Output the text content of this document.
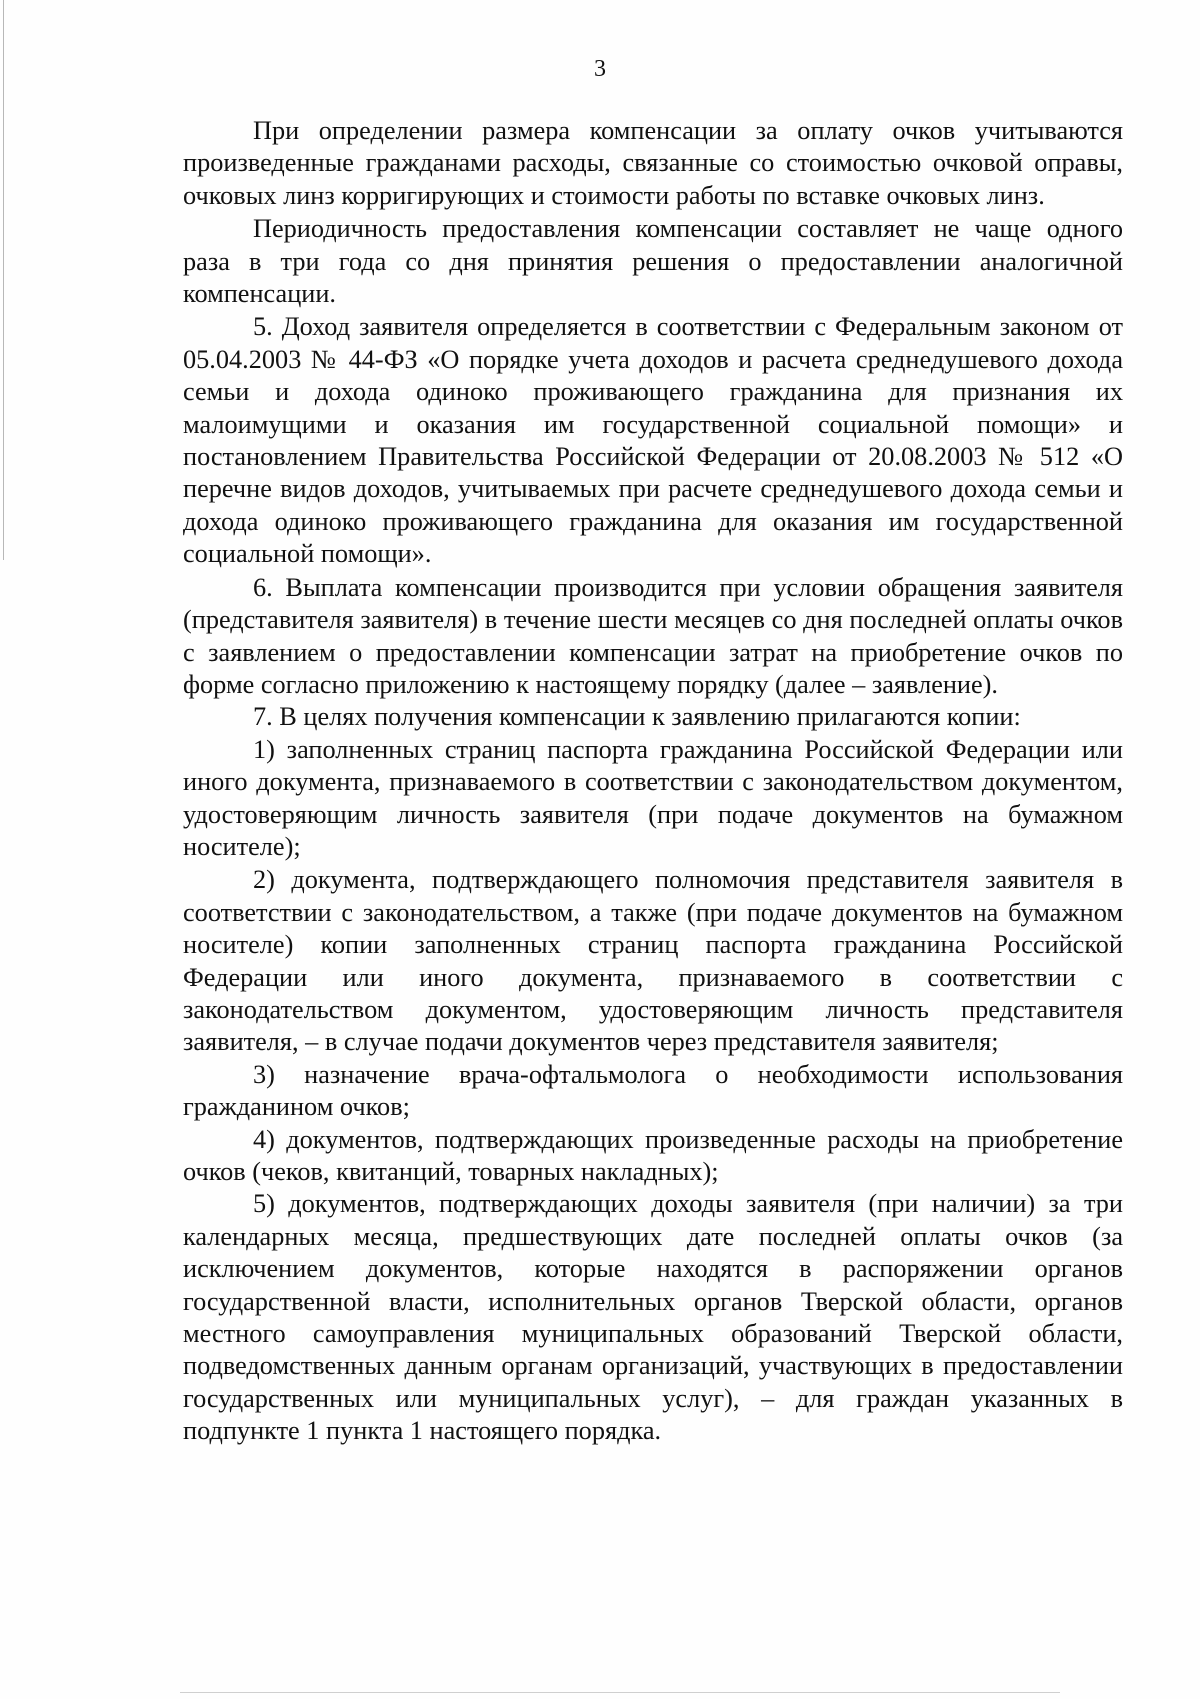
3

При определении размера компенсации за оплату очков учитываются произведенные гражданами расходы, связанные со стоимостью очковой оправы, очковых линз корригирующих и стоимости работы по вставке очковых линз.

Периодичность предоставления компенсации составляет не чаще одного раза в три года со дня принятия решения о предоставлении аналогичной компенсации.

5. Доход заявителя определяется в соответствии с Федеральным законом от 05.04.2003 № 44-ФЗ «О порядке учета доходов и расчета среднедушевого дохода семьи и дохода одиноко проживающего гражданина для признания их малоимущими и оказания им государственной социальной помощи» и постановлением Правительства Российской Федерации от 20.08.2003 № 512 «О перечне видов доходов, учитываемых при расчете среднедушевого дохода семьи и дохода одиноко проживающего гражданина для оказания им государственной социальной помощи».

6. Выплата компенсации производится при условии обращения заявителя (представителя заявителя) в течение шести месяцев со дня последней оплаты очков с заявлением о предоставлении компенсации затрат на приобретение очков по форме согласно приложению к настоящему порядку (далее – заявление).

7. В целях получения компенсации к заявлению прилагаются копии:

1) заполненных страниц паспорта гражданина Российской Федерации или иного документа, признаваемого в соответствии с законодательством документом, удостоверяющим личность заявителя (при подаче документов на бумажном носителе);

2) документа, подтверждающего полномочия представителя заявителя в соответствии с законодательством, а также (при подаче документов на бумажном носителе) копии заполненных страниц паспорта гражданина Российской Федерации или иного документа, признаваемого в соответствии с законодательством документом, удостоверяющим личность представителя заявителя, – в случае подачи документов через представителя заявителя;

3) назначение врача-офтальмолога о необходимости использования гражданином очков;

4) документов, подтверждающих произведенные расходы на приобретение очков (чеков, квитанций, товарных накладных);

5) документов, подтверждающих доходы заявителя (при наличии) за три календарных месяца, предшествующих дате последней оплаты очков (за исключением документов, которые находятся в распоряжении органов государственной власти, исполнительных органов Тверской области, органов местного самоуправления муниципальных образований Тверской области, подведомственных данным органам организаций, участвующих в предоставлении государственных или муниципальных услуг), – для граждан указанных в подпункте 1 пункта 1 настоящего порядка.
